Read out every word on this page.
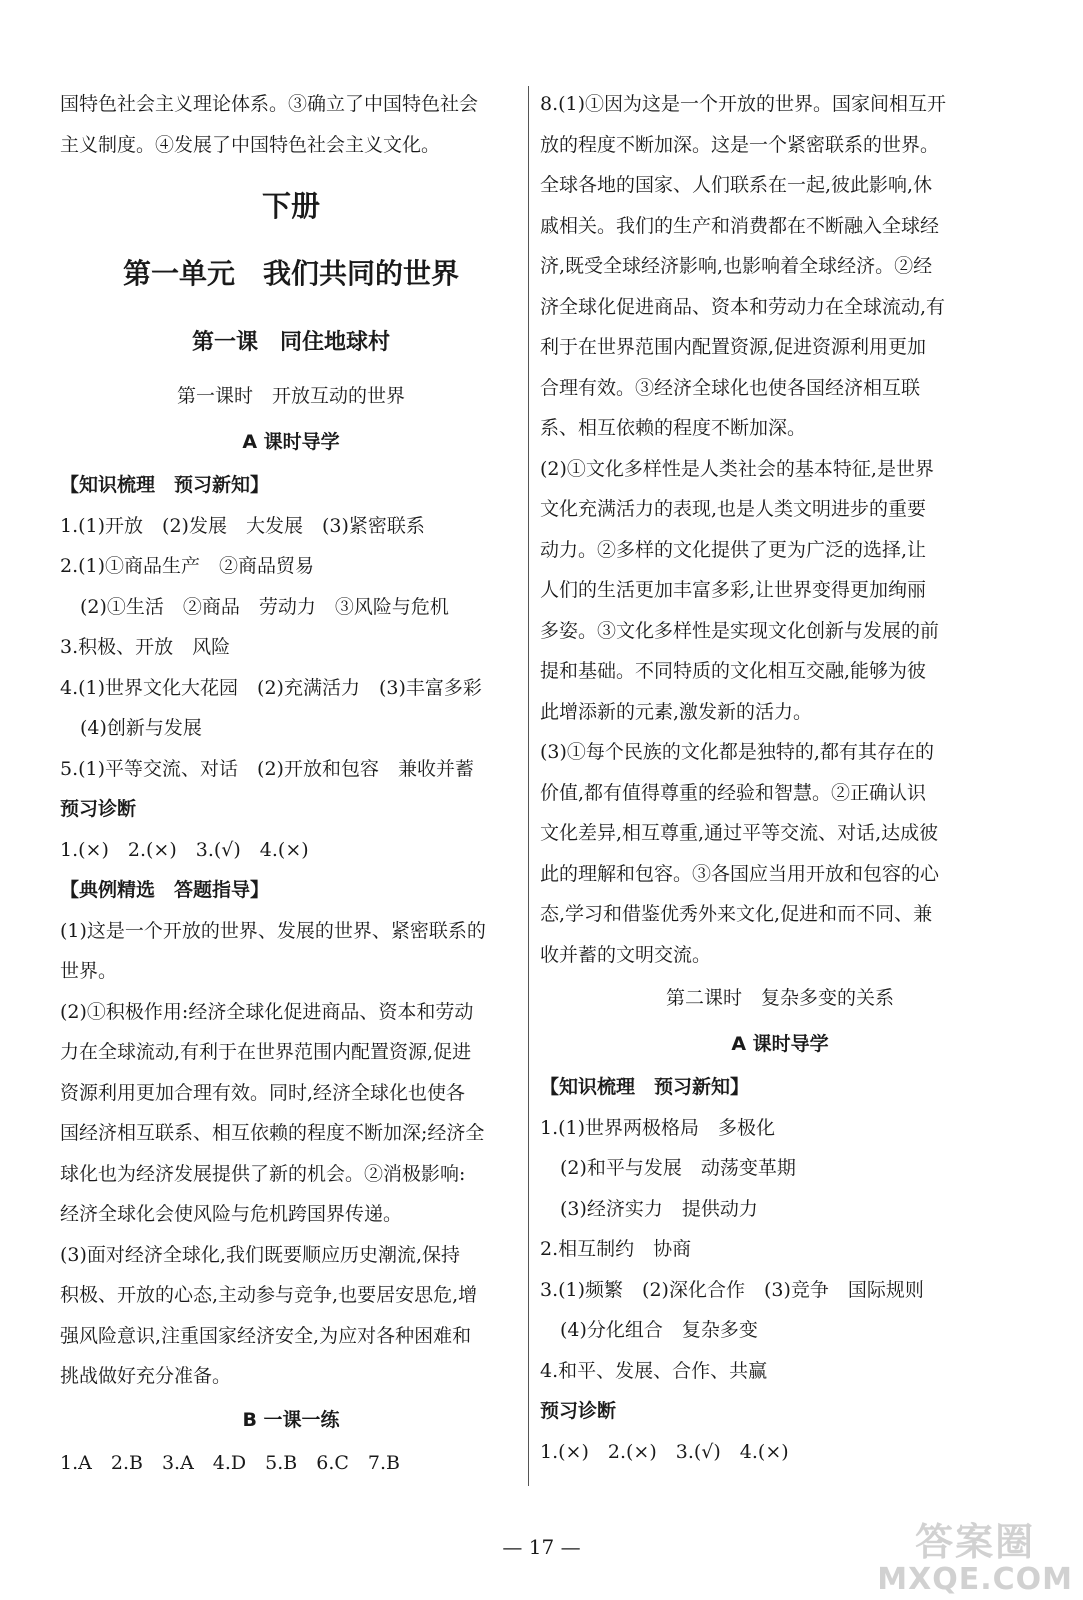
国特色社会主义理论体系。③确立了中国特色社会

主义制度。④发展了中国特色社会主义文化。

下册

第一单元　我们共同的世界

第一课　同住地球村

第一课时　开放互动的世界

A 课时导学

【知识梳理　预习新知】

1.(1)开放　(2)发展　大发展　(3)紧密联系

2.(1)①商品生产　②商品贸易

(2)①生活　②商品　劳动力　③风险与危机

3.积极、开放　风险

4.(1)世界文化大花园　(2)充满活力　(3)丰富多彩

(4)创新与发展

5.(1)平等交流、对话　(2)开放和包容　兼收并蓄

预习诊断

1.(×)　2.(×)　3.(√)　4.(×)

【典例精选　答题指导】

(1)这是一个开放的世界、发展的世界、紧密联系的

世界。

(2)①积极作用:经济全球化促进商品、资本和劳动

力在全球流动,有利于在世界范围内配置资源,促进

资源利用更加合理有效。同时,经济全球化也使各

国经济相互联系、相互依赖的程度不断加深;经济全

球化也为经济发展提供了新的机会。②消极影响:

经济全球化会使风险与危机跨国界传递。

(3)面对经济全球化,我们既要顺应历史潮流,保持

积极、开放的心态,主动参与竞争,也要居安思危,增

强风险意识,注重国家经济安全,为应对各种困难和

挑战做好充分准备。

B 一课一练

1.A　2.B　3.A　4.D　5.B　6.C　7.B

8.(1)①因为这是一个开放的世界。国家间相互开

放的程度不断加深。这是一个紧密联系的世界。

全球各地的国家、人们联系在一起,彼此影响,休

戚相关。我们的生产和消费都在不断融入全球经

济,既受全球经济影响,也影响着全球经济。②经

济全球化促进商品、资本和劳动力在全球流动,有

利于在世界范围内配置资源,促进资源利用更加

合理有效。③经济全球化也使各国经济相互联

系、相互依赖的程度不断加深。

(2)①文化多样性是人类社会的基本特征,是世界

文化充满活力的表现,也是人类文明进步的重要

动力。②多样的文化提供了更为广泛的选择,让

人们的生活更加丰富多彩,让世界变得更加绚丽

多姿。③文化多样性是实现文化创新与发展的前

提和基础。不同特质的文化相互交融,能够为彼

此增添新的元素,激发新的活力。

(3)①每个民族的文化都是独特的,都有其存在的

价值,都有值得尊重的经验和智慧。②正确认识

文化差异,相互尊重,通过平等交流、对话,达成彼

此的理解和包容。③各国应当用开放和包容的心

态,学习和借鉴优秀外来文化,促进和而不同、兼

收并蓄的文明交流。

第二课时　复杂多变的关系

A 课时导学

【知识梳理　预习新知】

1.(1)世界两极格局　多极化

(2)和平与发展　动荡变革期

(3)经济实力　提供动力

2.相互制约　协商

3.(1)频繁　(2)深化合作　(3)竞争　国际规则

(4)分化组合　复杂多变

4.和平、发展、合作、共赢

预习诊断

1.(×)　2.(×)　3.(√)　4.(×)

— 17 —	答案圈
MXQE.COM
